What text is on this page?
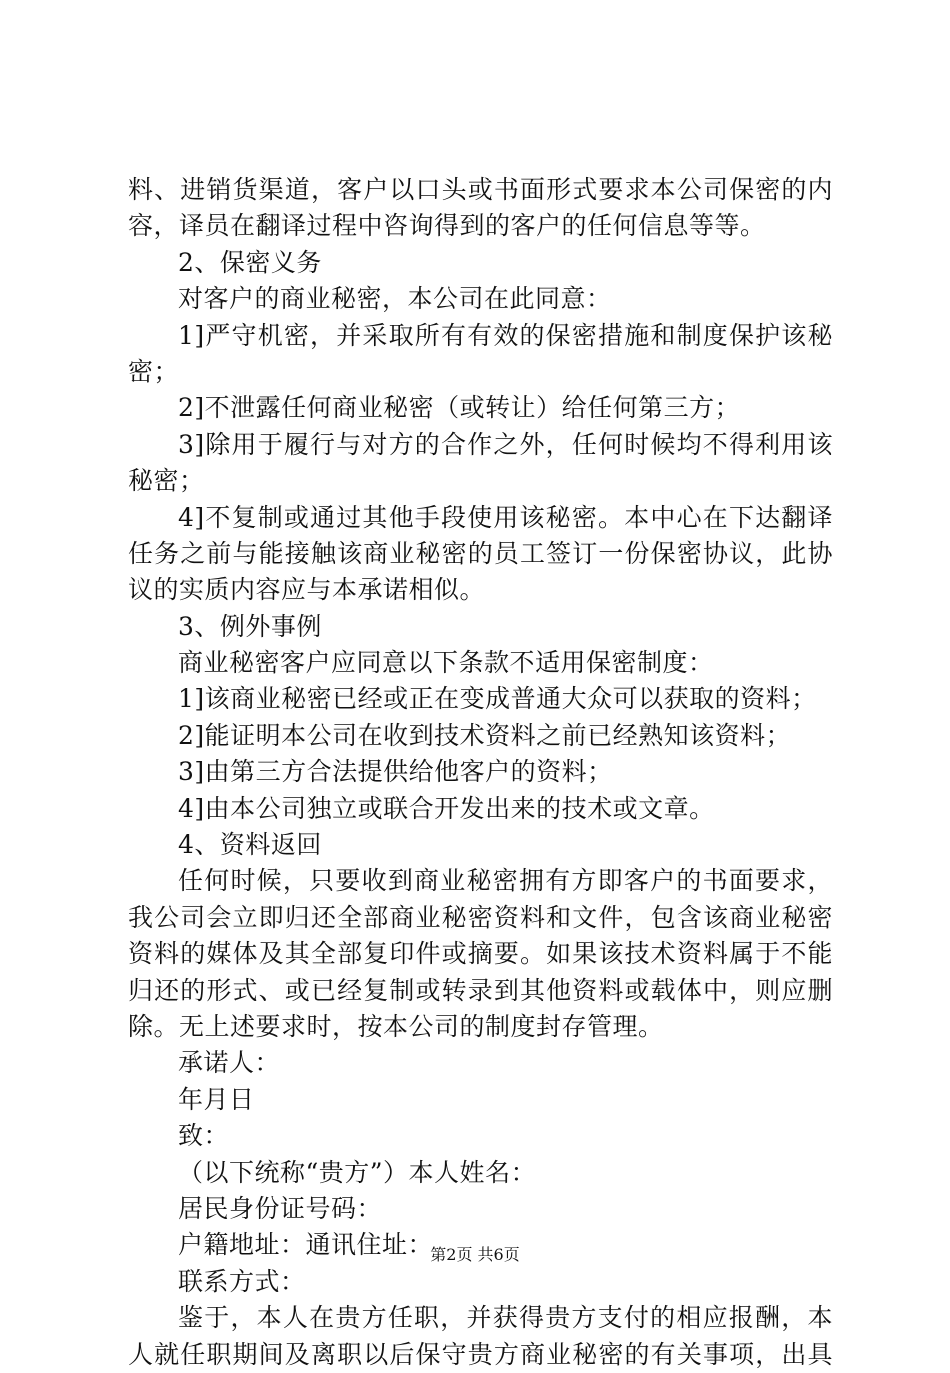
料、进销货渠道，客户以口头或书面形式要求本公司保密的内
容，译员在翻译过程中咨询得到的客户的任何信息等等。
2、保密义务
对客户的商业秘密，本公司在此同意：
1]严守机密，并采取所有有效的保密措施和制度保护该秘
密；
2]不泄露任何商业秘密（或转让）给任何第三方；
3]除用于履行与对方的合作之外，任何时候均不得利用该
秘密；
4]不复制或通过其他手段使用该秘密。本中心在下达翻译
任务之前与能接触该商业秘密的员工签订一份保密协议，此协
议的实质内容应与本承诺相似。
3、例外事例
商业秘密客户应同意以下条款不适用保密制度：
1]该商业秘密已经或正在变成普通大众可以获取的资料；
2]能证明本公司在收到技术资料之前已经熟知该资料；
3]由第三方合法提供给他客户的资料；
4]由本公司独立或联合开发出来的技术或文章。
4、资料返回
任何时候，只要收到商业秘密拥有方即客户的书面要求，
我公司会立即归还全部商业秘密资料和文件，包含该商业秘密
资料的媒体及其全部复印件或摘要。如果该技术资料属于不能
归还的形式、或已经复制或转录到其他资料或载体中，则应删
除。无上述要求时，按本公司的制度封存管理。
承诺人：
年月日
致：
（以下统称“贵方”）本人姓名：
居民身份证号码：
户籍地址：通讯住址：
联系方式：
鉴于，本人在贵方任职，并获得贵方支付的相应报酬，本
人就任职期间及离职以后保守贵方商业秘密的有关事项，出具
第2页 共6页
